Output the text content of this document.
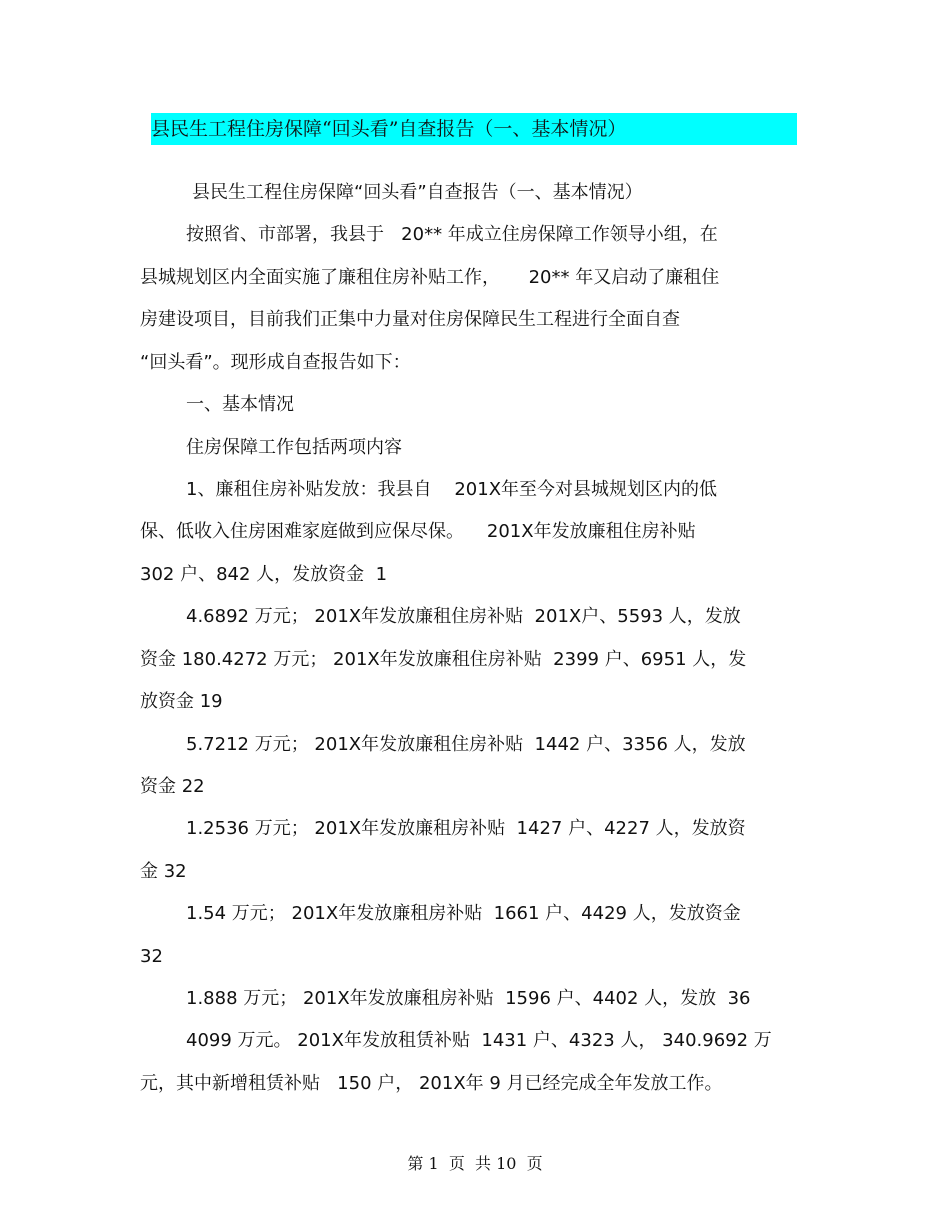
县民生工程住房保障“回头看”自查报告（一、基本情况）
县民生工程住房保障“回头看”自查报告（一、基本情况）
按照省、市部署，我县于   20** 年成立住房保障工作领导小组，在
县城规划区内全面实施了廉租住房补贴工作，     20** 年又启动了廉租住
房建设项目，目前我们正集中力量对住房保障民生工程进行全面自查
“回头看”。现形成自查报告如下：
一、基本情况
住房保障工作包括两项内容
1、廉租住房补贴发放：我县自    201X年至今对县城规划区内的低
保、低收入住房困难家庭做到应保尽保。    201X年发放廉租住房补贴
302 户、842 人，发放资金  1
4.6892 万元； 201X年发放廉租住房补贴  201X户、5593 人，发放
资金 180.4272 万元； 201X年发放廉租住房补贴  2399 户、6951 人，发
放资金 19
5.7212 万元； 201X年发放廉租住房补贴  1442 户、3356 人，发放
资金 22
1.2536 万元； 201X年发放廉租房补贴  1427 户、4227 人，发放资
金 32
1.54 万元； 201X年发放廉租房补贴  1661 户、4429 人，发放资金
32
1.888 万元； 201X年发放廉租房补贴  1596 户、4402 人，发放  36
4099 万元。 201X年发放租赁补贴  1431 户、4323 人， 340.9692 万
元，其中新增租赁补贴   150 户， 201X年 9 月已经完成全年发放工作。
第 1  页  共 10  页
